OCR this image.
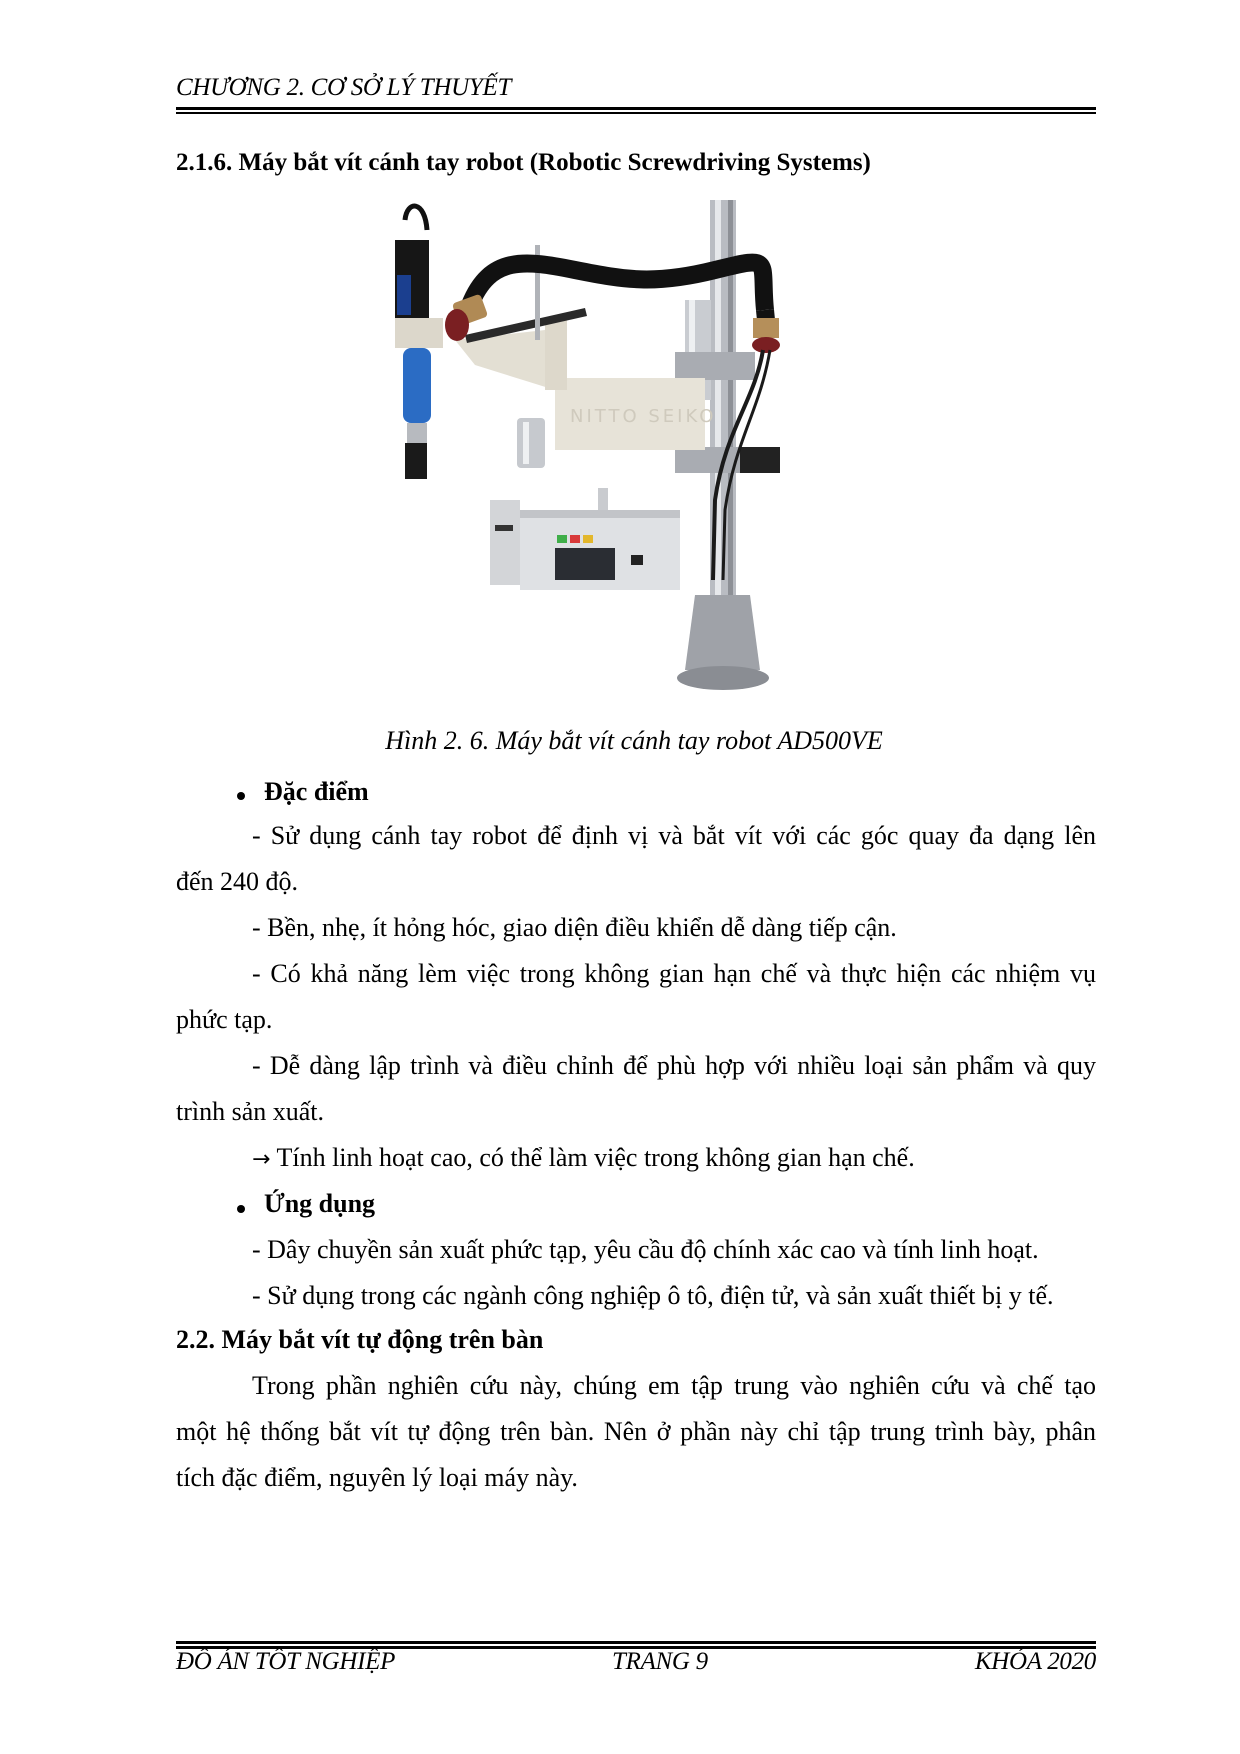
CHƯƠNG 2. CƠ SỞ LÝ THUYẾT
2.1.6. Máy bắt vít cánh tay robot (Robotic Screwdriving Systems)
NITTO SEIKO
Hình 2. 6. Máy bắt vít cánh tay robot AD500VE
Đặc điểm
- Sử dụng cánh tay robot để định vị và bắt vít với các góc quay đa dạng lên
đến 240 độ.
- Bền, nhẹ, ít hỏng hóc, giao diện điều khiển dễ dàng tiếp cận.
- Có khả năng lèm việc trong không gian hạn chế và thực hiện các nhiệm vụ
phức tạp.
- Dễ dàng lập trình và điều chỉnh để phù hợp với nhiều loại sản phẩm và quy
trình sản xuất.
→ Tính linh hoạt cao, có thể làm việc trong không gian hạn chế.
Ứng dụng
- Dây chuyền sản xuất phức tạp, yêu cầu độ chính xác cao và tính linh hoạt.
- Sử dụng trong các ngành công nghiệp ô tô, điện tử, và sản xuất thiết bị y tế.
2.2. Máy bắt vít tự động trên bàn
Trong phần nghiên cứu này, chúng em tập trung vào nghiên cứu và chế tạo
một hệ thống bắt vít tự động trên bàn. Nên ở phần này chỉ tập trung trình bày, phân
tích đặc điểm, nguyên lý loại máy này.
ĐỒ ÁN TỐT NGHIỆP	TRANG 9	KHÓA 2020
